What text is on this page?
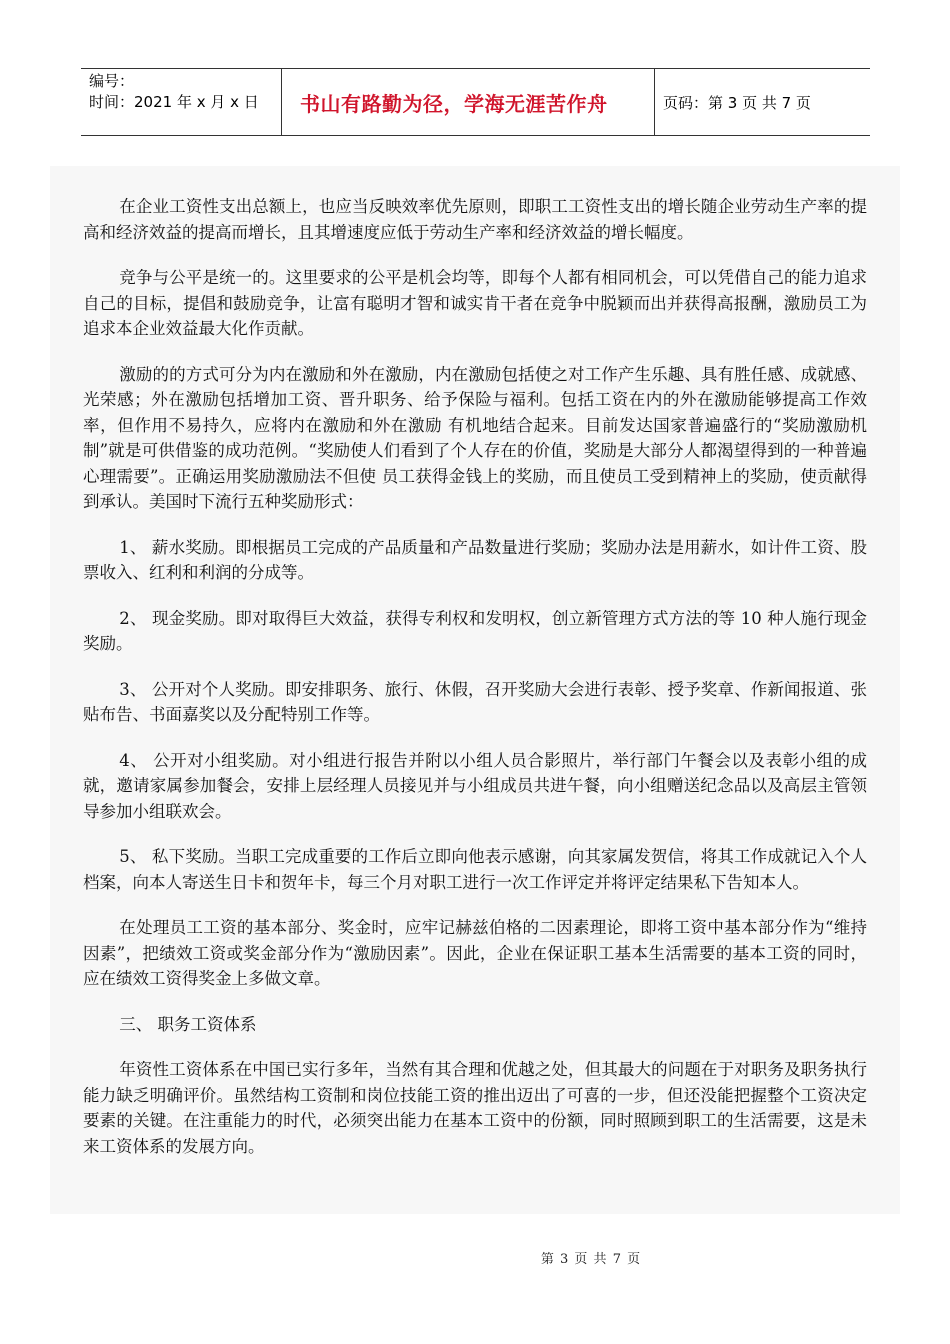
编号：
时间：2021 年 x 月 x 日	书山有路勤为径，学海无涯苦作舟	页码：第 3 页 共 7 页

在企业工资性支出总额上，也应当反映效率优先原则，即职工工资性支出的增长随企业劳动生产率的提高和经济效益的提高而增长，且其增速度应低于劳动生产率和经济效益的增长幅度。

竞争与公平是统一的。这里要求的公平是机会均等，即每个人都有相同机会，可以凭借自己的能力追求自己的目标，提倡和鼓励竞争，让富有聪明才智和诚实肯干者在竞争中脱颖而出并获得高报酬，激励员工为追求本企业效益最大化作贡献。

激励的的方式可分为内在激励和外在激励，内在激励包括使之对工作产生乐趣、具有胜任感、成就感、光荣感；外在激励包括增加工资、晋升职务、给予保险与福利。包括工资在内的外在激励能够提高工作效率，但作用不易持久，应将内在激励和外在激励 有机地结合起来。目前发达国家普遍盛行的“奖励激励机制”就是可供借鉴的成功范例。“奖励使人们看到了个人存在的价值，奖励是大部分人都渴望得到的一种普遍心理需要”。正确运用奖励激励法不但使 员工获得金钱上的奖励，而且使员工受到精神上的奖励，使贡献得到承认。美国时下流行五种奖励形式：

1、 薪水奖励。即根据员工完成的产品质量和产品数量进行奖励；奖励办法是用薪水，如计件工资、股票收入、红利和利润的分成等。

2、 现金奖励。即对取得巨大效益，获得专利权和发明权，创立新管理方式方法的等 10 种人施行现金奖励。

3、 公开对个人奖励。即安排职务、旅行、休假，召开奖励大会进行表彰、授予奖章、作新闻报道、张贴布告、书面嘉奖以及分配特别工作等。

4、 公开对小组奖励。对小组进行报告并附以小组人员合影照片，举行部门午餐会以及表彰小组的成就，邀请家属参加餐会，安排上层经理人员接见并与小组成员共进午餐，向小组赠送纪念品以及高层主管领导参加小组联欢会。

5、 私下奖励。当职工完成重要的工作后立即向他表示感谢，向其家属发贺信，将其工作成就记入个人档案，向本人寄送生日卡和贺年卡，每三个月对职工进行一次工作评定并将评定结果私下告知本人。

在处理员工工资的基本部分、奖金时，应牢记赫兹伯格的二因素理论，即将工资中基本部分作为“维持因素”，把绩效工资或奖金部分作为“激励因素”。因此，企业在保证职工基本生活需要的基本工资的同时，应在绩效工资得奖金上多做文章。

三、 职务工资体系

年资性工资体系在中国已实行多年，当然有其合理和优越之处，但其最大的问题在于对职务及职务执行能力缺乏明确评价。虽然结构工资制和岗位技能工资的推出迈出了可喜的一步，但还没能把握整个工资决定要素的关键。在注重能力的时代，必须突出能力在基本工资中的份额，同时照顾到职工的生活需要，这是未来工资体系的发展方向。

第 3 页 共 7 页
